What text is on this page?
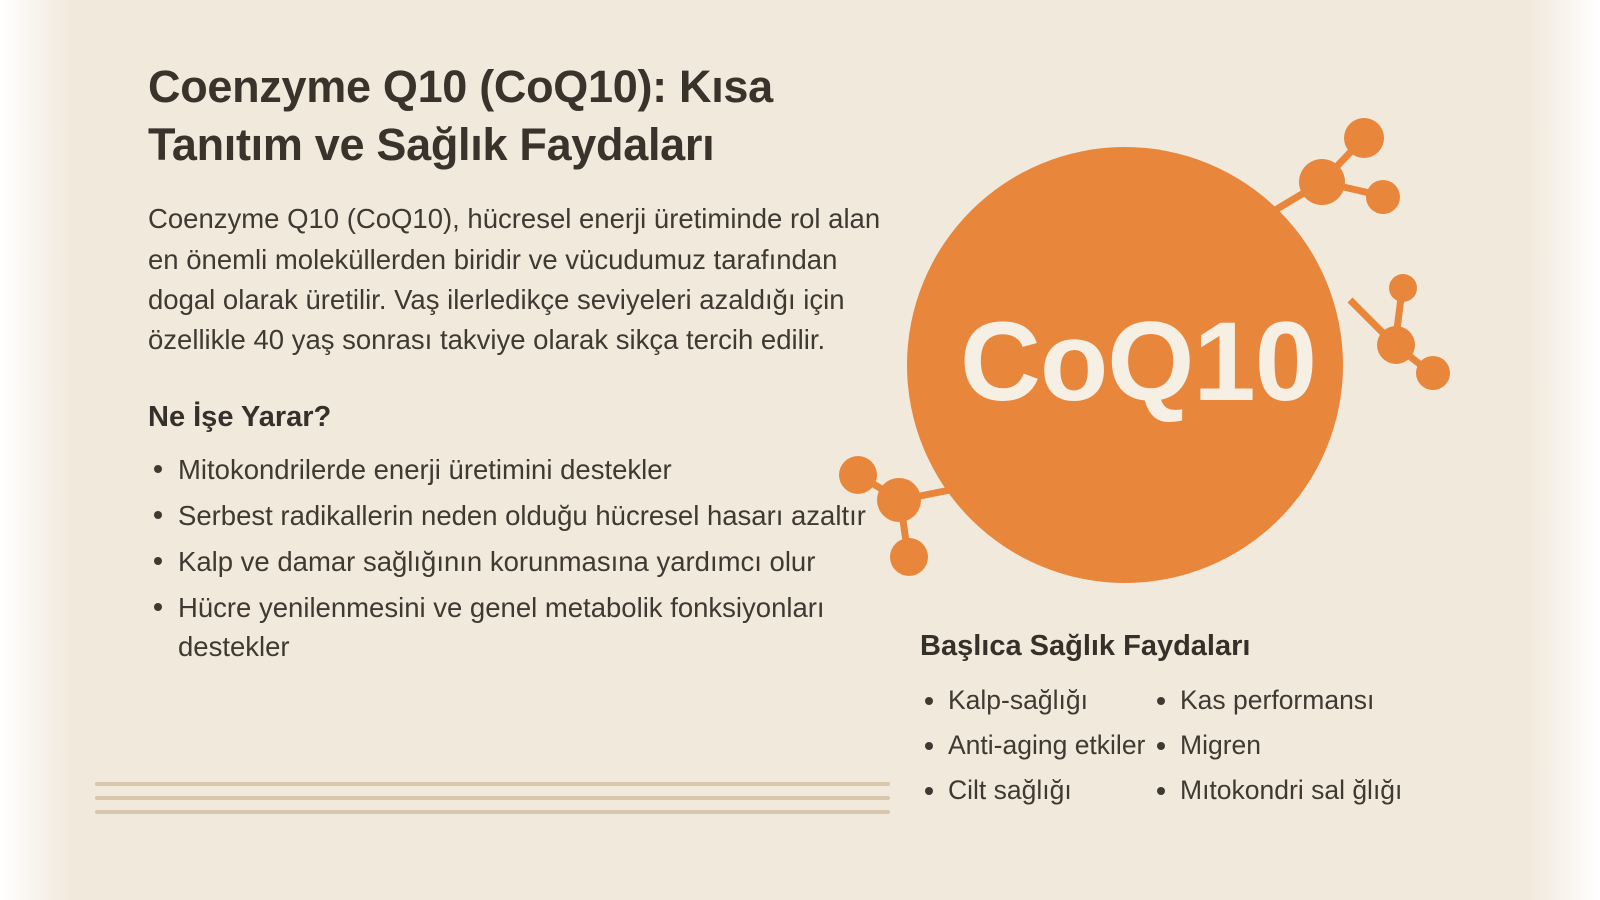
Coenzyme Q10 (CoQ10): Kısa Tanıtım ve Sağlık Faydaları

Coenzyme Q10 (CoQ10), hücresel enerji üretiminde rol alan en önemli moleküllerden biridir ve vücudumuz tarafından dogal olarak üretilir. Vaş ilerledikçe seviyeleri azaldığı için özellikle 40 yaş sonrası takviye olarak sikça tercih edilir.

Ne İşe Yarar?
Mitokondrilerde enerji üretimini destekler
Serbest radikallerin neden olduğu hücresel hasarı azaltır
Kalp ve damar sağlığının korunmasına yardımcı olur
Hücre yenilenmesini ve genel metabolik fonksiyonları destekler
CoQ10
Başlıca Sağlık Faydaları
Kalp-sağlığı	Kas performansı
Anti-aging etkiler	Migren
Cilt sağlığı	Mıtokondri sal ğlığı
